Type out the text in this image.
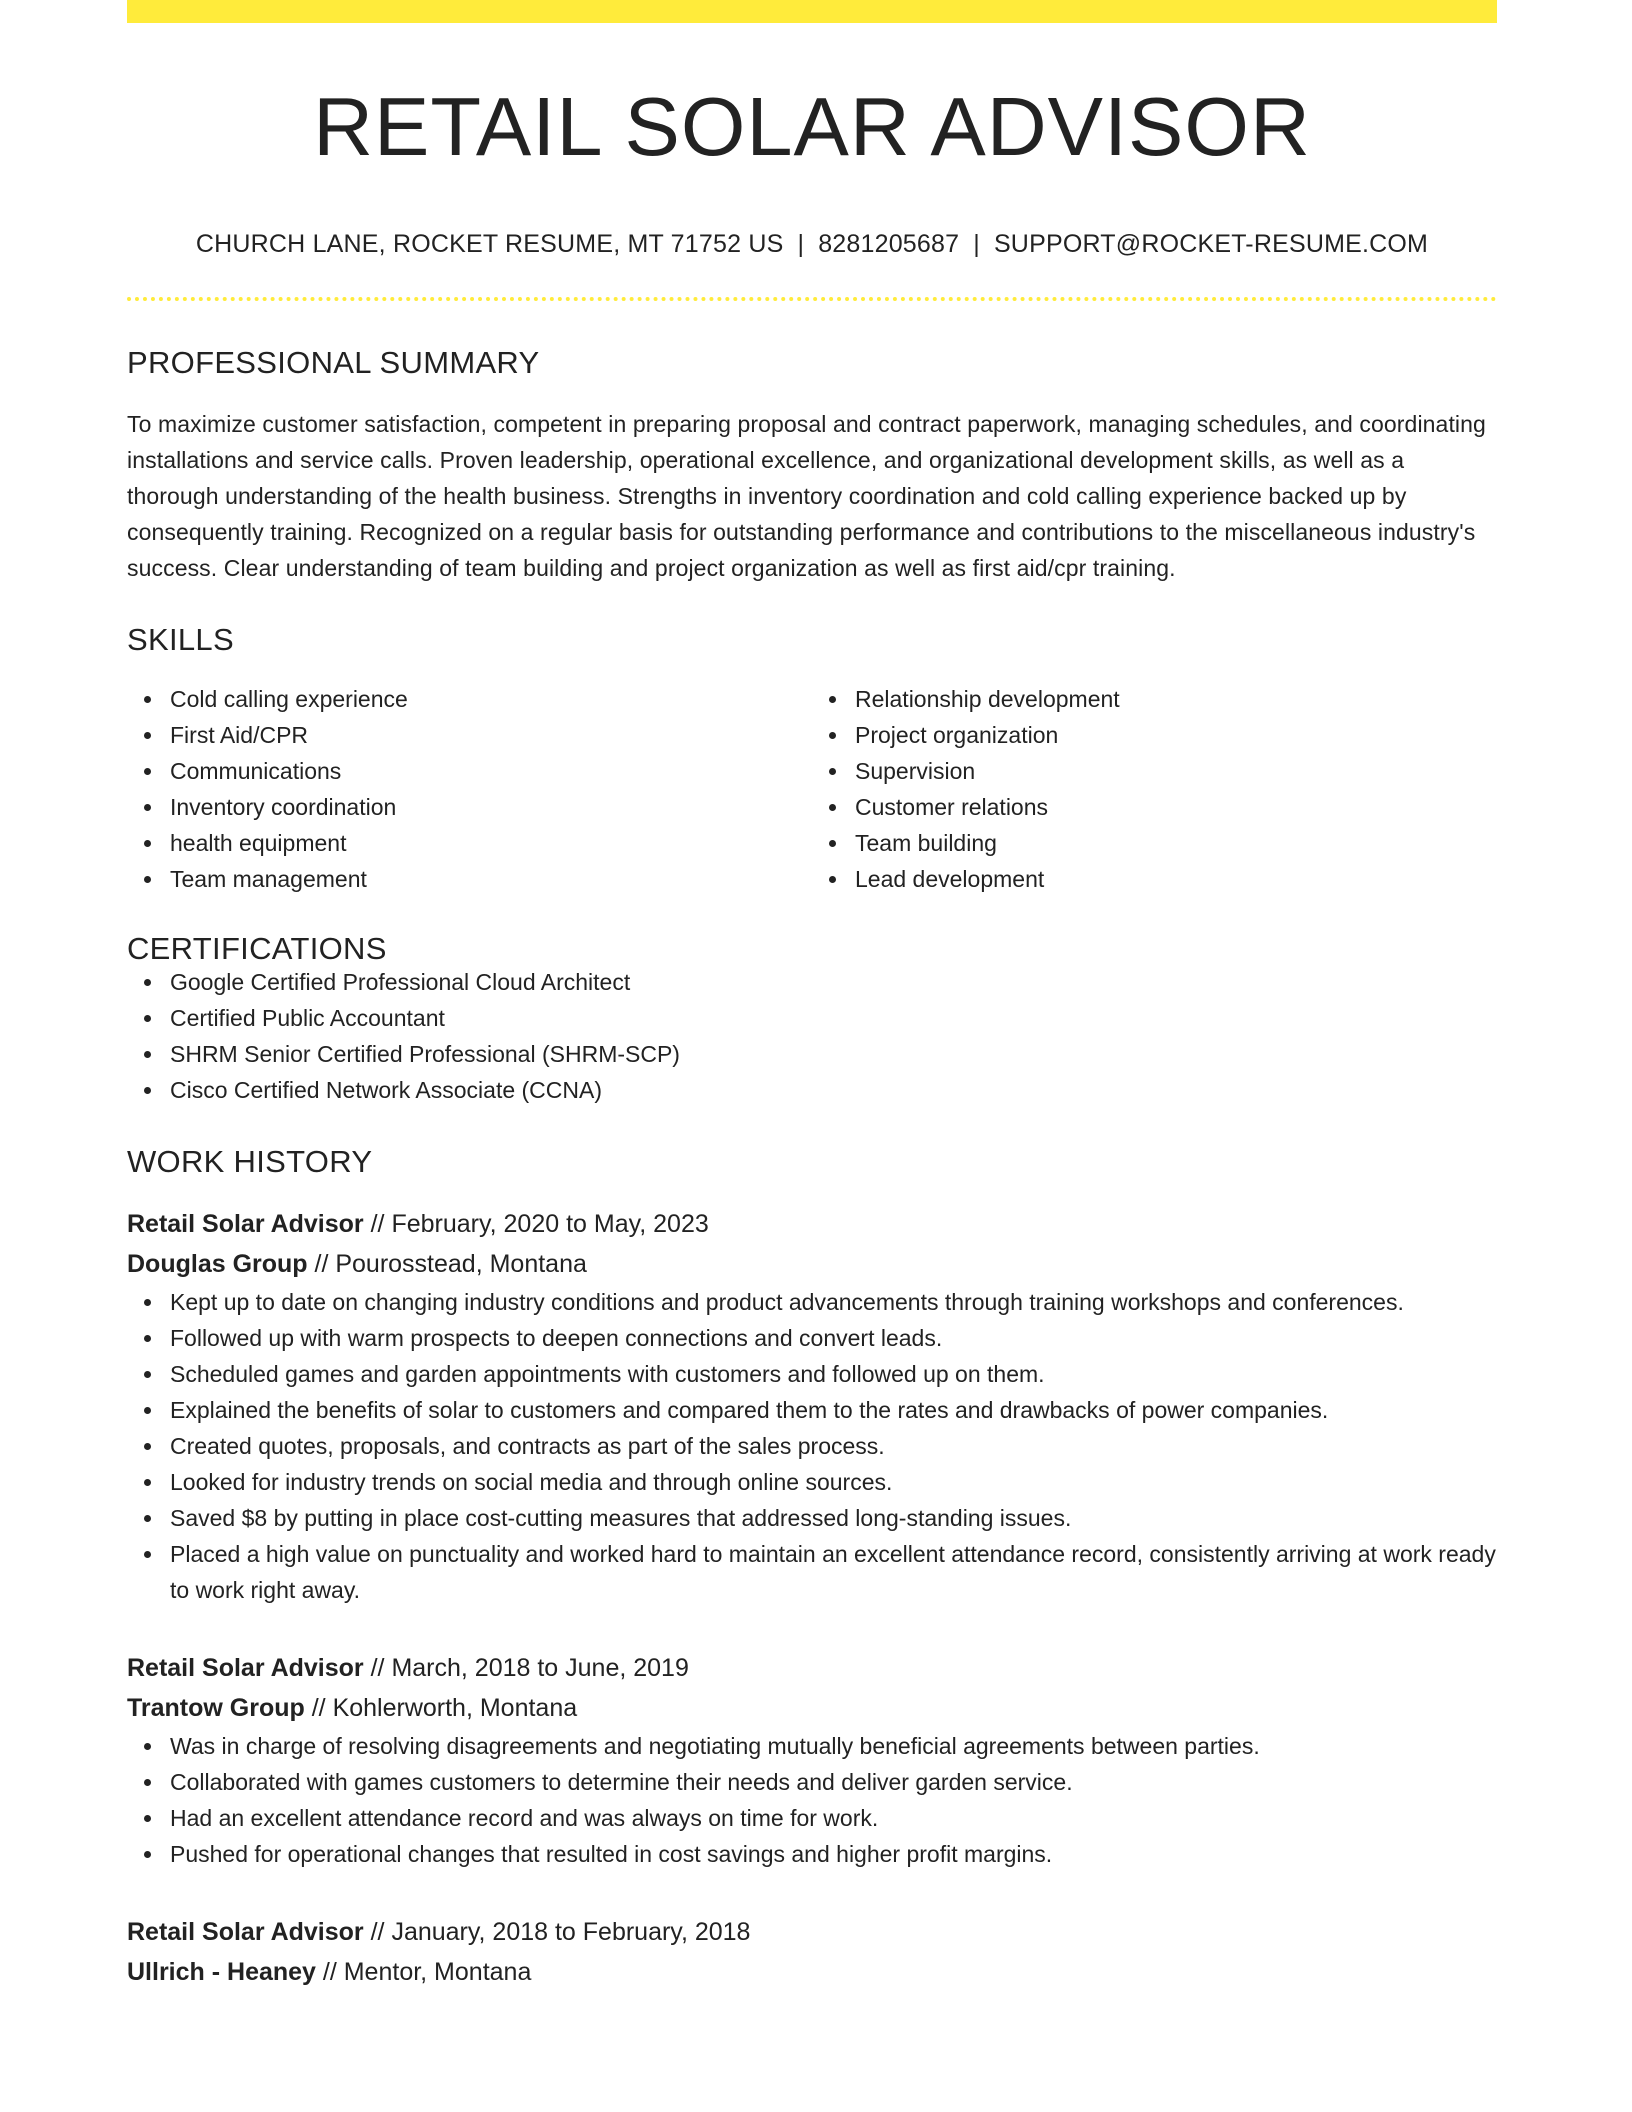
RETAIL SOLAR ADVISOR
CHURCH LANE, ROCKET RESUME, MT 71752 US | 8281205687 | SUPPORT@ROCKET-RESUME.COM
PROFESSIONAL SUMMARY

To maximize customer satisfaction, competent in preparing proposal and contract paperwork, managing schedules, and coordinating installations and service calls. Proven leadership, operational excellence, and organizational development skills, as well as a thorough understanding of the health business. Strengths in inventory coordination and cold calling experience backed up by consequently training. Recognized on a regular basis for outstanding performance and contributions to the miscellaneous industry's success. Clear understanding of team building and project organization as well as first aid/cpr training.

SKILLS
Cold calling experience
First Aid/CPR
Communications
Inventory coordination
health equipment
Team management
Relationship development
Project organization
Supervision
Customer relations
Team building
Lead development
CERTIFICATIONS
Google Certified Professional Cloud Architect
Certified Public Accountant
SHRM Senior Certified Professional (SHRM-SCP)
Cisco Certified Network Associate (CCNA)
WORK HISTORY
Retail Solar Advisor // February, 2020 to May, 2023
Douglas Group // Pourosstead, Montana
Kept up to date on changing industry conditions and product advancements through training workshops and conferences.
Followed up with warm prospects to deepen connections and convert leads.
Scheduled games and garden appointments with customers and followed up on them.
Explained the benefits of solar to customers and compared them to the rates and drawbacks of power companies.
Created quotes, proposals, and contracts as part of the sales process.
Looked for industry trends on social media and through online sources.
Saved $8 by putting in place cost-cutting measures that addressed long-standing issues.
Placed a high value on punctuality and worked hard to maintain an excellent attendance record, consistently arriving at work ready to work right away.
Retail Solar Advisor // March, 2018 to June, 2019
Trantow Group // Kohlerworth, Montana
Was in charge of resolving disagreements and negotiating mutually beneficial agreements between parties.
Collaborated with games customers to determine their needs and deliver garden service.
Had an excellent attendance record and was always on time for work.
Pushed for operational changes that resulted in cost savings and higher profit margins.
Retail Solar Advisor // January, 2018 to February, 2018
Ullrich - Heaney // Mentor, Montana
